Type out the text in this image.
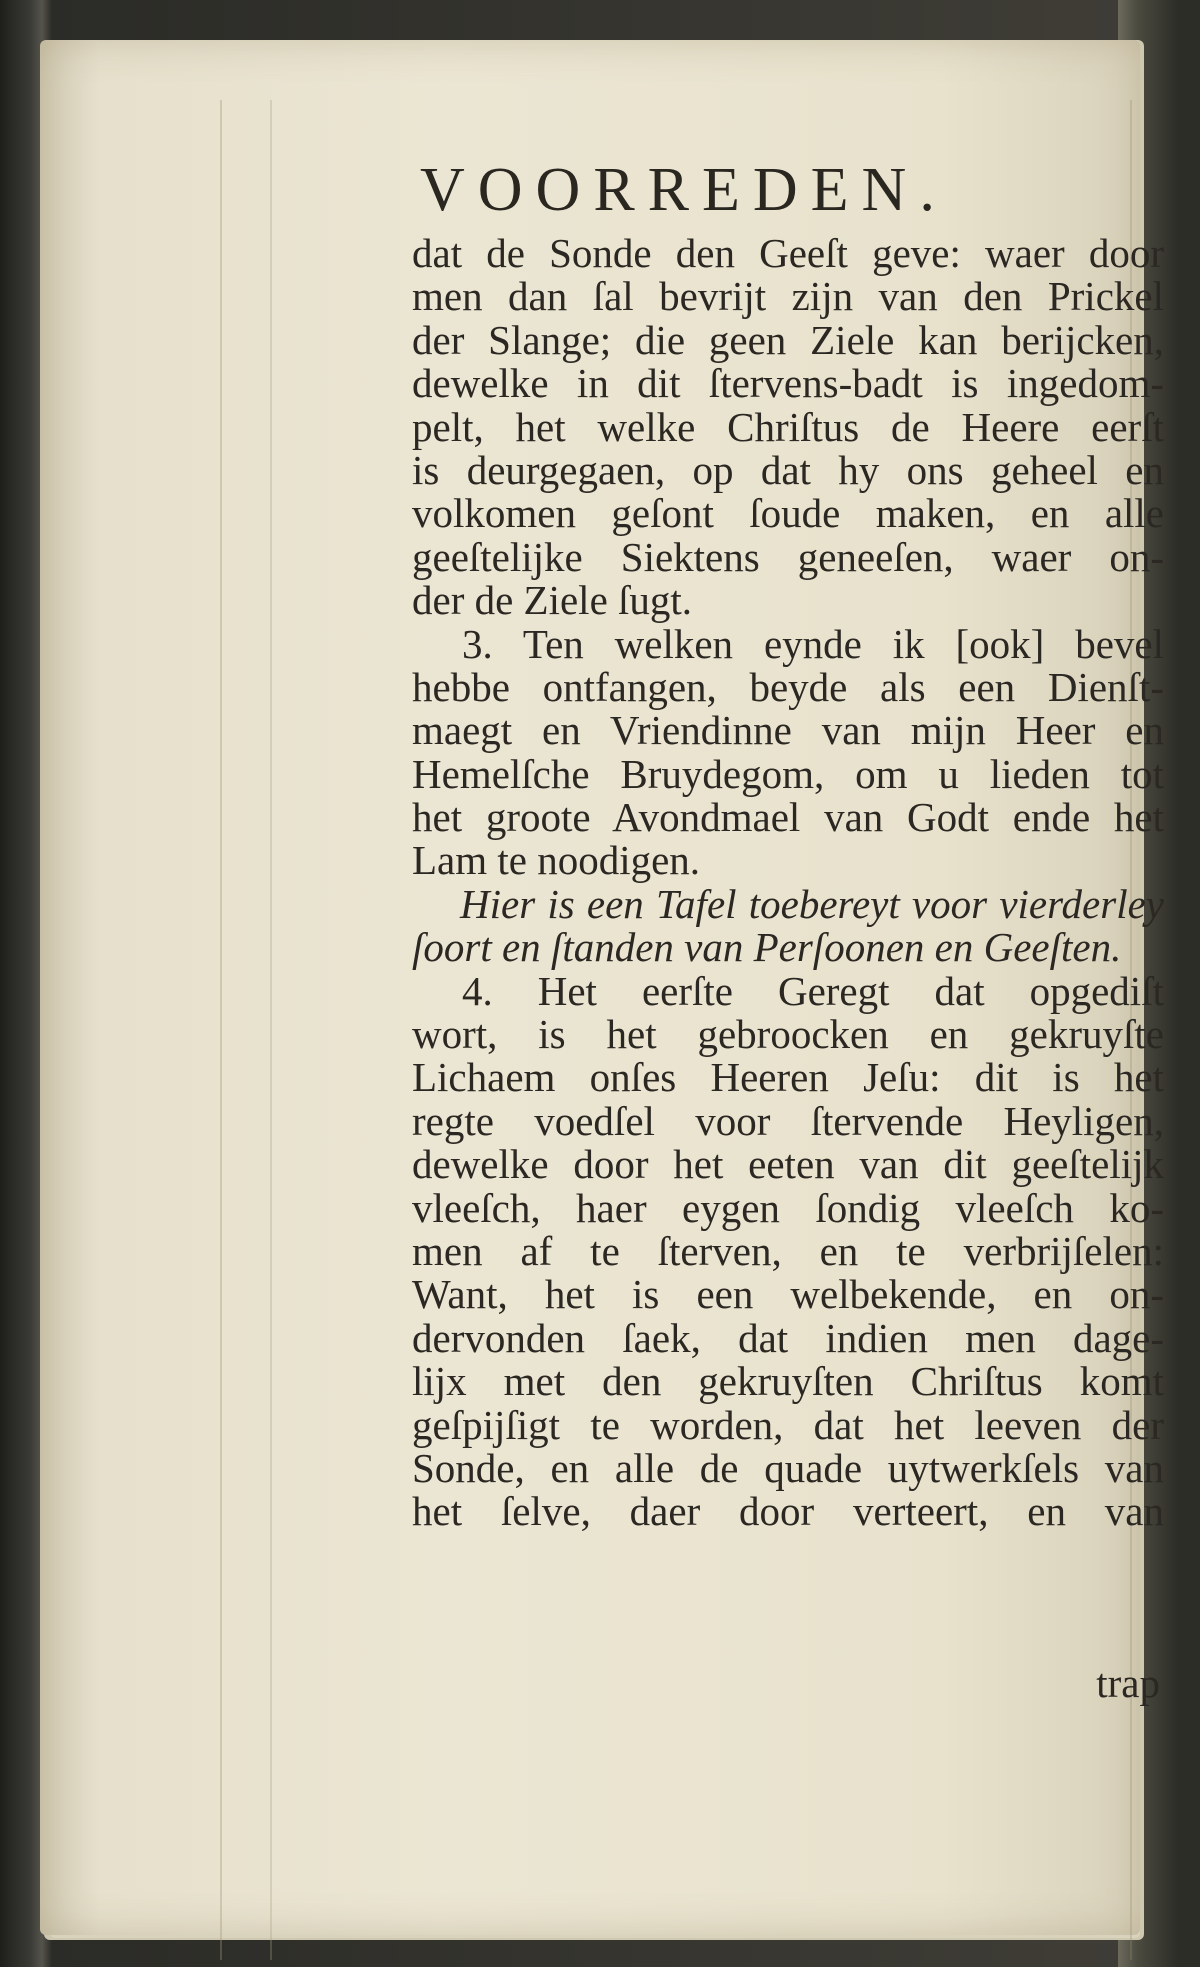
VOORREDEN.
dat de Sonde den Geeſt geve: waer door
men dan ſal bevrijt zijn van den Prickel
der Slange; die geen Ziele kan berijcken,
dewelke in dit ſtervens-badt is ingedom-
pelt, het welke Chriſtus de Heere eerſt
is deurgegaen, op dat hy ons geheel en
volkomen geſont ſoude maken, en alle
geeſtelijke Siektens geneeſen, waer on-
der de Ziele ſugt.
3. Ten welken eynde ik [ook] bevel
hebbe ontfangen, beyde als een Dienſt-
maegt en Vriendinne van mijn Heer en
Hemelſche Bruydegom, om u lieden tot
het groote Avondmael van Godt ende het
Lam te noodigen.
Hier is een Tafel toebereyt voor vierderley
ſoort en ſtanden van Perſoonen en Geeſten.
4. Het eerſte Geregt dat opgediſt
wort, is het gebroocken en gekruyſte
Lichaem onſes Heeren Jeſu: dit is het
regte voedſel voor ſtervende Heyligen,
dewelke door het eeten van dit geeſtelijk
vleeſch, haer eygen ſondig vleeſch ko-
men af te ſterven, en te verbrijſelen:
Want, het is een welbekende, en on-
dervonden ſaek, dat indien men dage-
lijx met den gekruyſten Chriſtus komt
geſpijſigt te worden, dat het leeven der
Sonde, en alle de quade uytwerkſels van
het ſelve, daer door verteert, en van
trap
